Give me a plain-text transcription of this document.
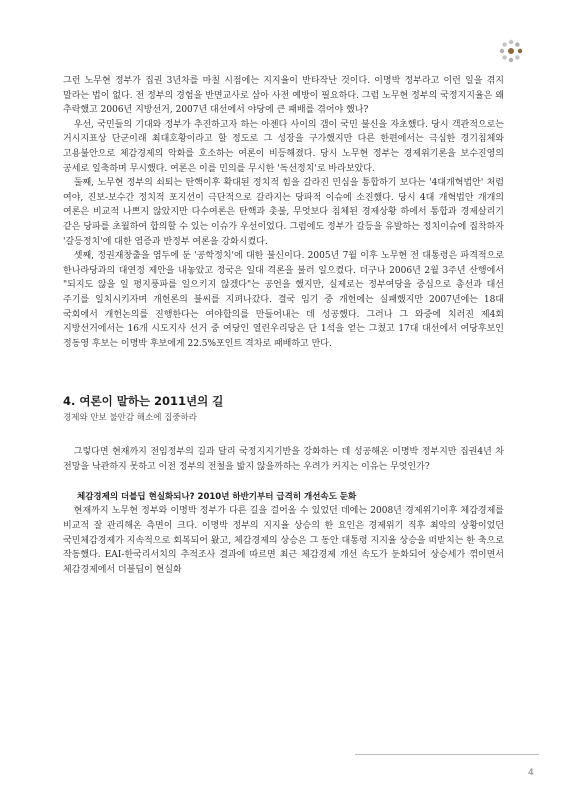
그런 노무현 정부가 집권 3년차를 마칠 시점에는 지지율이 반타작난 것이다. 이명박 정부라고 이런 일을 겪지 말라는 법이 없다. 전 정부의 경험을 반면교사로 삼아 사전 예방이 필요하다. 그럼 노무현 정부의 국정지지율은 왜 추락했고 2006년 지방선거, 2007년 대선에서 야당에 큰 패배를 겪어야 했나?

우선, 국민들의 기대와 정부가 추진하고자 하는 아젠다 사이의 갭이 국민 불신을 자초했다. 당시 객관적으로는 거시지표상 단군이래 최대호황이라고 할 정도로 그 성장을 구가했지만 다른 한편에서는 극심한 경기침체와 고용불안으로 체감경제의 악화를 호소하는 여론이 비등해졌다. 당시 노무현 정부는 경제위기론을 보수진영의 공세로 일축하며 무시했다. 여론은 이를 민의를 무시한 '독선정치'로 바라보았다.

둘째, 노무현 정부의 쇠퇴는 탄핵이후 확대된 정치적 힘을 갈라진 민심을 통합하기 보다는 '4대개혁법안' 처럼 여야, 진보-보수간 정치적 포지션이 극단적으로 갈라지는 당파적 이슈에 소진했다. 당시 4대 개혁법안 개개의 여론은 비교적 나쁘지 않았지만 다수여론은 탄핵과 촛불, 무엇보다 침체된 경제상황 하에서 통합과 경제살리기 같은 당파를 초월하여 합의할 수 있는 이슈가 우선이었다. 그럼에도 정부가 갈등을 유발하는 정치이슈에 집착하자 '갈등정치'에 대한 염증과 반정부 여론을 강화시켰다.

셋째, 정권재창출을 염두에 둔 '공학정치'에 대한 불신이다. 2005년 7월 이후 노무현 전 대통령은 파격적으로 한나라당과의 대연정 제안을 내놓았고 정국은 일대 격론을 불러 일으켰다. 더구나 2006년 2월 3주년 산행에서 "되지도 않을 일 평지풍파를 일으키지 않겠다"는 공언을 했지만, 실제로는 정부여당을 중심으로 총선과 대선 주기를 일치시키자며 개헌론의 불씨를 지펴나갔다. 결국 임기 중 개헌에는 실패했지만 2007년에는 18대 국회에서 개헌논의를 진행한다는 여야합의를 만들어내는 데 성공했다. 그러나 그 와중에 치러진 제4회 지방선거에서는 16개 시도지사 선거 중 여당인 열린우리당은 단 1석을 얻는 그쳤고 17대 대선에서 여당후보인 정동영 후보는 이명박 후보에게 22.5%포인트 격차로 패배하고 만다.

4. 여론이 말하는 2011년의 길
경제와 안보 불안감 해소에 집중하라

그렇다면 현재까지 전임정부의 길과 달리 국정지지기반을 강화하는 데 성공해온 이명박 정부지만 집권4년 차 전망을 낙관하지 못하고 이전 정부의 전철을 밟지 않을까하는 우려가 커지는 이유는 무엇인가?

체감경제의 더블딥 현실화되나? 2010년 하반기부터 급격히 개선속도 둔화

현재까지 노무현 정부와 이명박 정부가 다른 길을 걸어올 수 있었던 데에는 2008년 경제위기이후 체감경제를 비교적 잘 관리해온 측면이 크다. 이명박 정부의 지지율 상승의 한 요인은 경제위기 직후 최악의 상황이었던 국민체감경제가 지속적으로 회복되어 왔고, 체감경제의 상승은 그 동안 대통령 지지율 상승을 떠받치는 한 축으로 작동했다. EAI-한국리서치의 추적조사 결과에 따르면 최근 체감경제 개선 속도가 둔화되어 상승세가 꺾이면서 체감경제에서 더블딥이 현실화

4
